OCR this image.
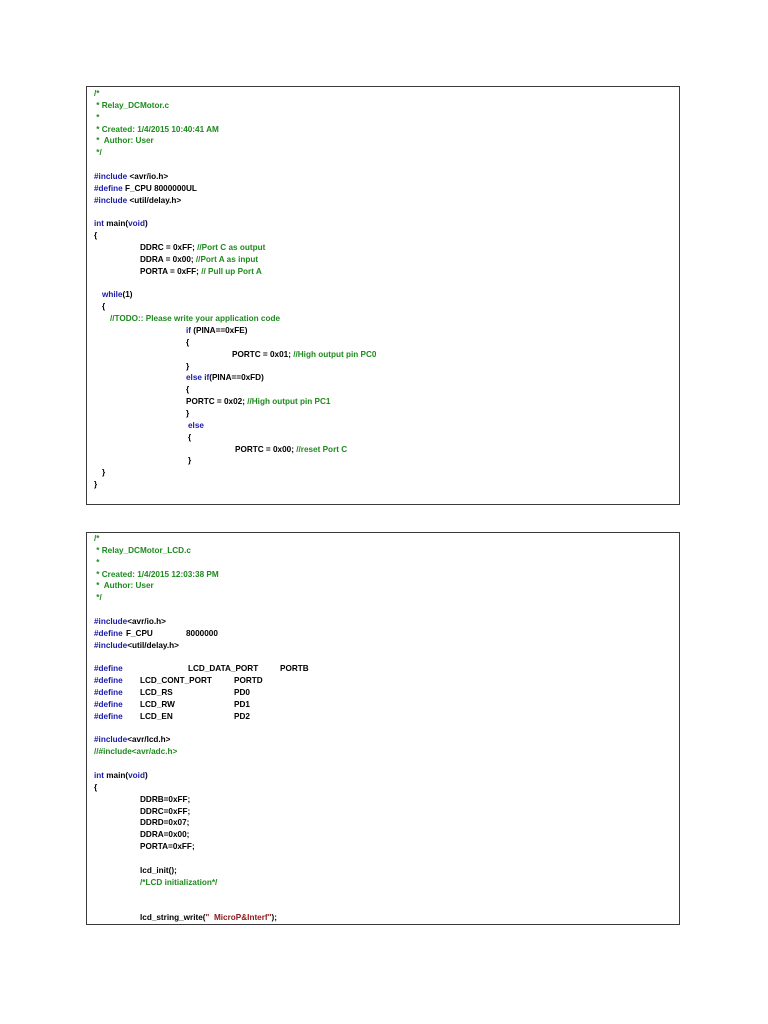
/*
* Relay_DCMotor.c
*
* Created: 1/4/2015 10:40:41 AM
*  Author: User
*/
#include <avr/io.h>
#define F_CPU 8000000UL
#include <util/delay.h>
int main(void)
{
DDRC = 0xFF; //Port C as output
DDRA = 0x00; //Port A as input
PORTA = 0xFF; // Pull up Port A
while(1)
{
//TODO:: Please write your application code
if (PINA==0xFE)
{
PORTC = 0x01; //High output pin PC0
}
else if(PINA==0xFD)
{
PORTC = 0x02; //High output pin PC1
}
else
{
PORTC = 0x00; //reset Port C
}
}
}
/*
* Relay_DCMotor_LCD.c
*
* Created: 1/4/2015 12:03:38 PM
*  Author: User
*/
#include<avr/io.h>
#define F_CPU	8000000
#include<util/delay.h>
#define	LCD_DATA_PORT	PORTB
#define LCD_CONT_PORT	PORTD
#define LCD_RS	PD0
#define LCD_RW	PD1
#define LCD_EN	PD2
#include<avr/lcd.h>
//#include<avr/adc.h>
int main(void)
{
DDRB=0xFF;
DDRC=0xFF;
DDRD=0x07;
DDRA=0x00;
PORTA=0xFF;
lcd_init();
/*LCD initialization*/
lcd_string_write("  MicroP&Interf");
